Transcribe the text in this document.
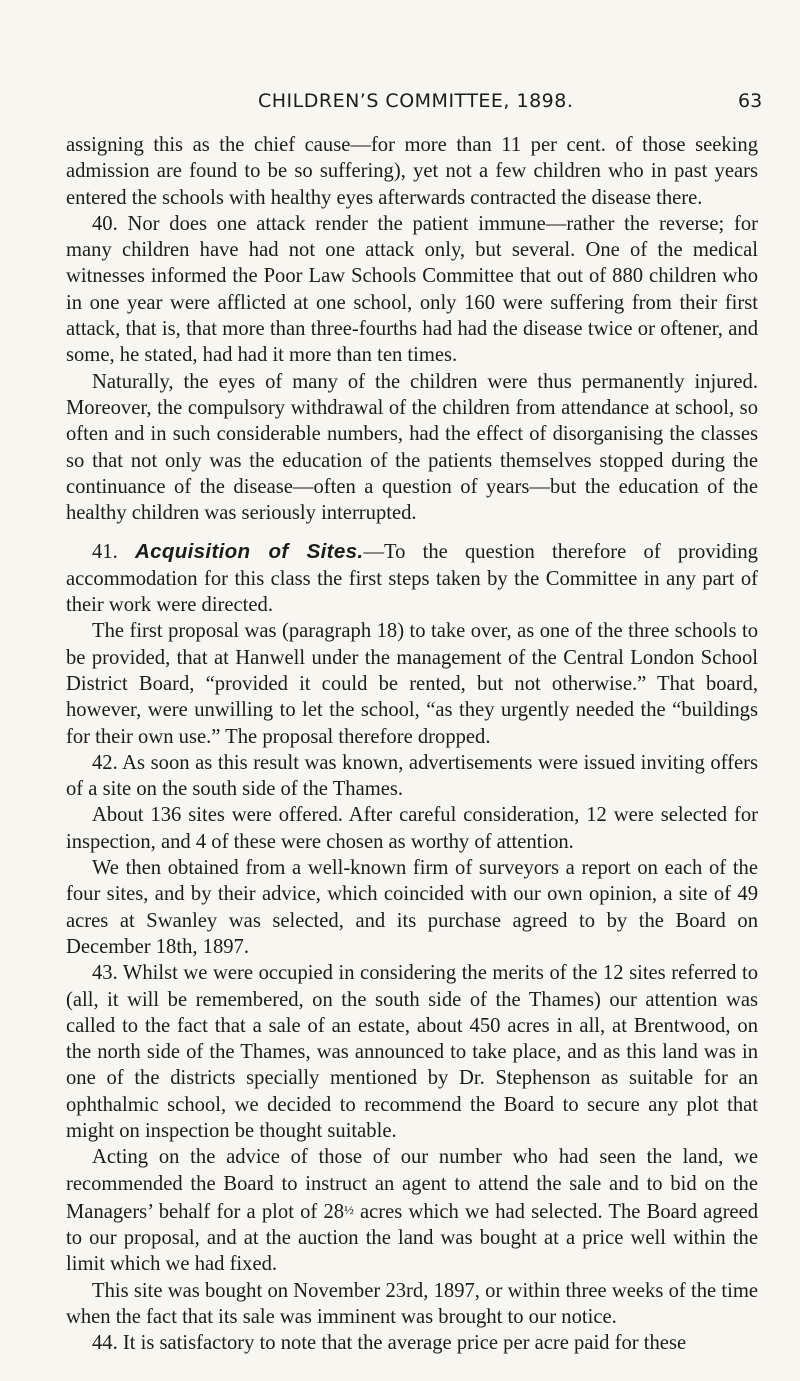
CHILDREN’S COMMITTEE, 1898.	63

assigning this as the chief cause—for more than 11 per cent. of those seeking admission are found to be so suffering), yet not a few children who in past years entered the schools with healthy eyes afterwards contracted the disease there.

40. Nor does one attack render the patient immune—rather the reverse; for many children have had not one attack only, but several. One of the medical witnesses informed the Poor Law Schools Committee that out of 880 children who in one year were afflicted at one school, only 160 were suffering from their first attack, that is, that more than three-fourths had had the disease twice or oftener, and some, he stated, had had it more than ten times.

Naturally, the eyes of many of the children were thus permanently injured. Moreover, the compulsory withdrawal of the children from attendance at school, so often and in such considerable numbers, had the effect of disorganising the classes so that not only was the education of the patients themselves stopped during the continuance of the disease—often a question of years—but the education of the healthy children was seriously interrupted.

41. Acquisition of Sites.—To the question therefore of providing accommodation for this class the first steps taken by the Committee in any part of their work were directed.

The first proposal was (paragraph 18) to take over, as one of the three schools to be provided, that at Hanwell under the management of the Central London School District Board, “provided it could be rented, but not otherwise.” That board, however, were unwilling to let the school, “as they urgently needed the “buildings for their own use.” The proposal therefore dropped.

42. As soon as this result was known, advertisements were issued inviting offers of a site on the south side of the Thames.

About 136 sites were offered. After careful consideration, 12 were selected for inspection, and 4 of these were chosen as worthy of attention.

We then obtained from a well-known firm of surveyors a report on each of the four sites, and by their advice, which coincided with our own opinion, a site of 49 acres at Swanley was selected, and its purchase agreed to by the Board on December 18th, 1897.

43. Whilst we were occupied in considering the merits of the 12 sites referred to (all, it will be remembered, on the south side of the Thames) our attention was called to the fact that a sale of an estate, about 450 acres in all, at Brentwood, on the north side of the Thames, was announced to take place, and as this land was in one of the districts specially mentioned by Dr. Stephenson as suitable for an ophthalmic school, we decided to recommend the Board to secure any plot that might on inspection be thought suitable.

Acting on the advice of those of our number who had seen the land, we recommended the Board to instruct an agent to attend the sale and to bid on the Managers’ behalf for a plot of 28½ acres which we had selected. The Board agreed to our proposal, and at the auction the land was bought at a price well within the limit which we had fixed.

This site was bought on November 23rd, 1897, or within three weeks of the time when the fact that its sale was imminent was brought to our notice.

44. It is satisfactory to note that the average price per acre paid for these
